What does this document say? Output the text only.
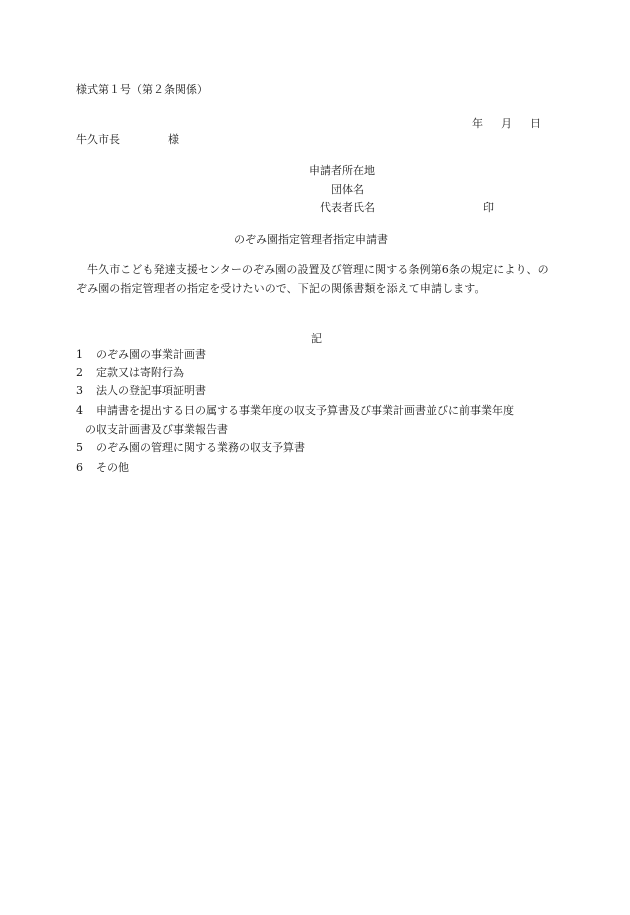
様式第１号（第２条関係）
年 月 日
牛久市長	様
申請者所在地
団体名
代表者氏名	印
のぞみ園指定管理者指定申請書
牛久市こども発達支援センターのぞみ園の設置及び管理に関する条例第6条の規定により、のぞみ園の指定管理者の指定を受けたいので、下記の関係書類を添えて申請します。
記
1 のぞみ園の事業計画書
2 定款又は寄附行為
3 法人の登記事項証明書
4 申請書を提出する日の属する事業年度の収支予算書及び事業計画書並びに前事業年度
の収支計画書及び事業報告書
5 のぞみ園の管理に関する業務の収支予算書
6 その他
